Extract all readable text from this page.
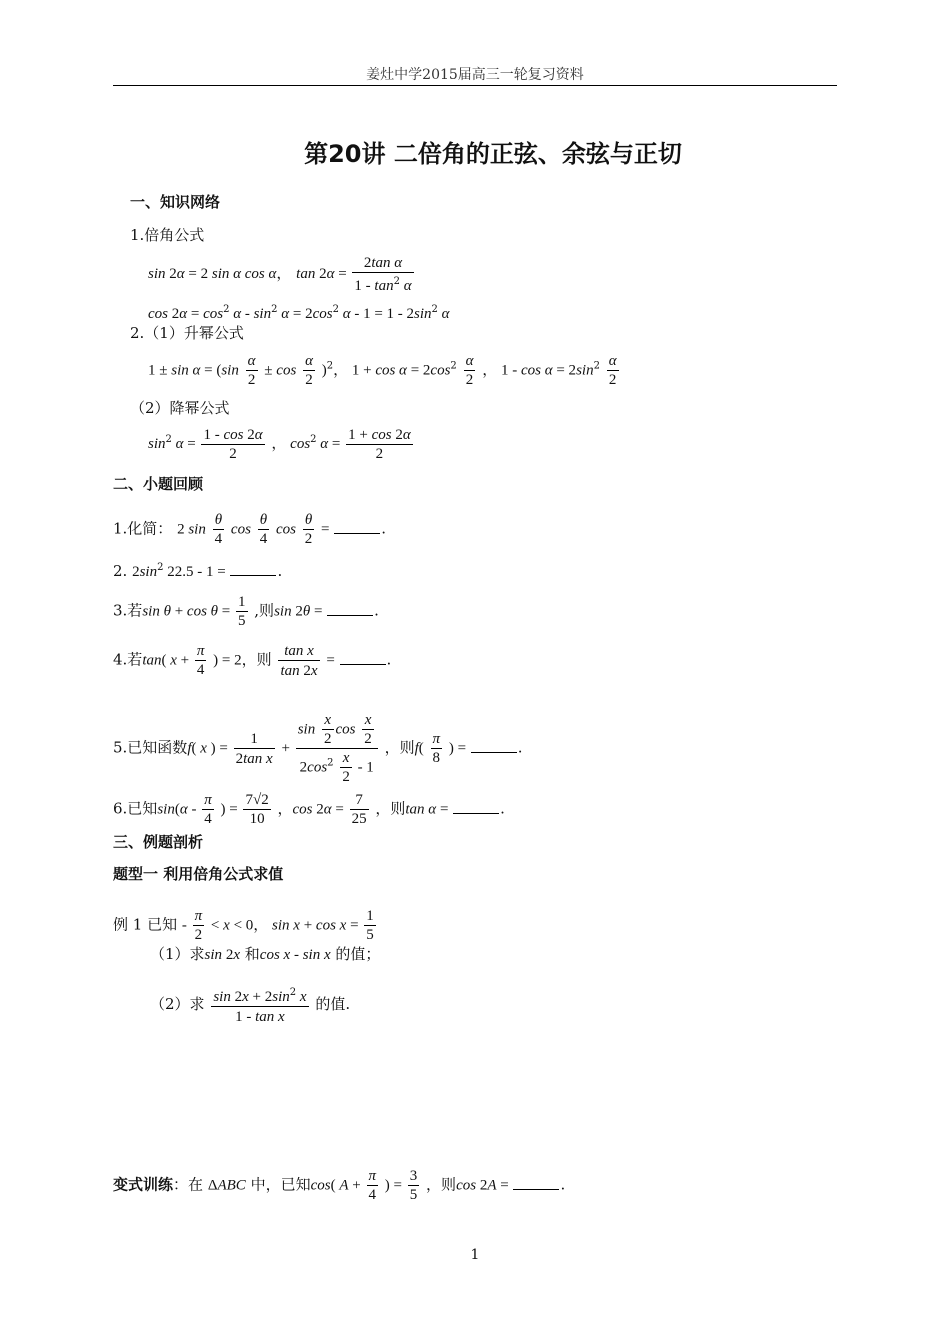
姜灶中学2015届高三一轮复习资料
第20讲 二倍角的正弦、余弦与正切
一、知识网络
1.倍角公式
sin 2α = 2 sin α cos α， $\tan 2\alpha = \frac{\text{2tan α}}{1 - \tan^2 \alpha}$
$\cos 2\alpha = \cos^2 \alpha - \sin^2 \alpha = 2\cos^2$ $\alpha - 1 = 1 - 2\sin^2$ α
2.（1）升幂公式
$1 \pm \sin \alpha = (\sin \frac{\alpha}{2} \pm \cos \frac{\alpha}{2} )^2$， $1 + \cos \alpha = 2\cos^2 \frac{\alpha}{2}$ ， $1 - \cos \alpha = 2\sin^2 \frac{\alpha}{2}$
（2）降幂公式
$\sin^2 \alpha = \frac{1 - \cos 2\alpha}{2}$ ， $\cos^2 \alpha = \frac{1 + \cos 2\alpha}{2}$
二、小题回顾
1.化简： 2 $\sin \frac{\theta}{4}$ $\cos \frac{\theta}{4}$ $\cos \frac{\theta}{2}$ =	.
2. $2\sin^2$ 22.5 - 1 =	.
3.若$\sin \theta + \cos \theta = \frac{1}{5}$ ,则sin 2θ =	.
4.若tan( $x + \frac{\pi}{4}$ ) = 2，则 $\frac{\text{tan x}}{\tan 2x}$ =	.
5.已知函数f( x ) = $\frac{1}{\text{2tan x}} + \frac{\sin \frac{x}{2} \cos \frac{x}{2}}{2\cos^2 \frac{x}{2} - 1}$ ，则$f( \frac{\pi}{8}$ ) =	.
6.已知$\sin(\alpha - \frac{\pi}{4}$ ) = $\frac{7√2}{10}$ ，$\cos 2\alpha = \frac{7}{25}$ ，则tan α =	.
三、例题剖析
题型一 利用倍角公式求值
例 1 已知 - $\frac{\pi}{2} < x < 0$， $\sin x + \cos x = \frac{1}{5}$
（1）求sin 2x 和cos x - sin x 的值；
（2）求 $\frac{\sin 2x + 2\sin^2 x}{\text{1 - tan x}}$ 的值.
变式训练：在 ΔABC 中，已知cos( $A + \frac{\pi}{4}$ ) = $\frac{3}{5}$ ，则cos 2A =	.
1
